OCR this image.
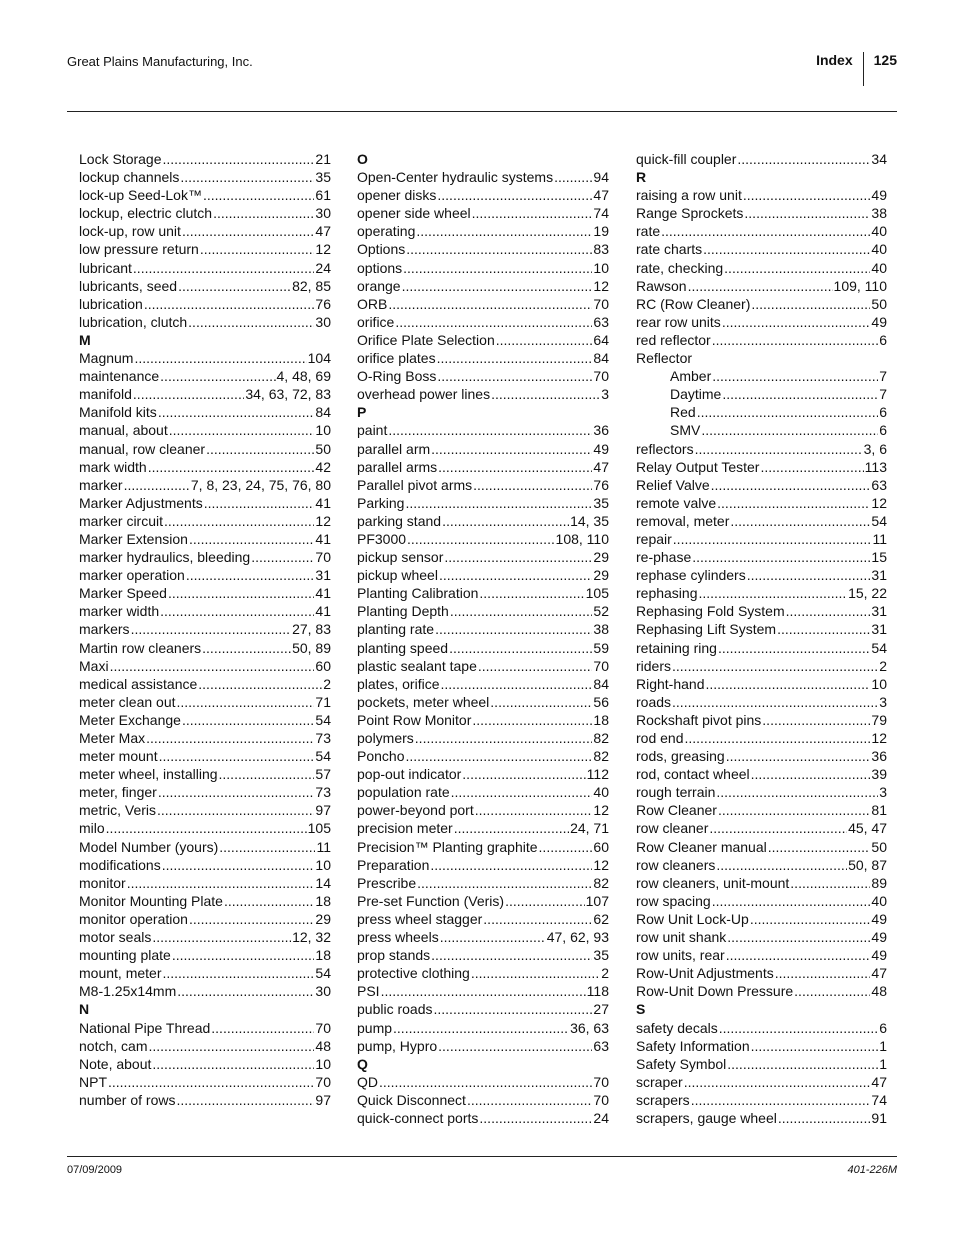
Great Plains Manufacturing, Inc.	Index 125
Lock Storage .....	21
lockup channels .....	35
lock-up Seed-Lok™ .....	61
lockup, electric clutch .....	30
lock-up, row unit .....	47
low pressure return .....	12
lubricant .....	24
lubricants, seed .....	82, 85
lubrication .....	76
lubrication, clutch .....	30
M
Magnum .....	104
maintenance .....	4, 48, 69
manifold .....	34, 63, 72, 83
Manifold kits .....	84
manual, about .....	10
manual, row cleaner .....	50
mark width .....	42
marker .....	7, 8, 23, 24, 75, 76, 80
Marker Adjustments .....	41
marker circuit .....	12
Marker Extension .....	41
marker hydraulics, bleeding .....	70
marker operation .....	31
Marker Speed .....	41
marker width .....	41
markers .....	27, 83
Martin row cleaners .....	50, 89
Maxi .....	60
medical assistance .....	2
meter clean out .....	71
Meter Exchange .....	54
Meter Max .....	73
meter mount .....	54
meter wheel, installing .....	57
meter, finger .....	73
metric, Veris .....	97
milo .....	105
Model Number (yours) .....	11
modifications .....	10
monitor .....	14
Monitor Mounting Plate .....	18
monitor operation .....	29
motor seals .....	12, 32
mounting plate .....	18
mount, meter .....	54
M8-1.25x14mm .....	30
N
National Pipe Thread .....	70
notch, cam .....	48
Note, about .....	10
NPT .....	70
number of rows .....	97
O
Open-Center hydraulic systems .....	94
opener disks .....	47
opener side wheel .....	74
operating .....	19
Options .....	83
options .....	10
orange .....	12
ORB .....	70
orifice .....	63
Orifice Plate Selection .....	64
orifice plates .....	84
O-Ring Boss .....	70
overhead power lines .....	3
P
paint .....	36
parallel arm .....	49
parallel arms .....	47
Parallel pivot arms .....	76
Parking .....	35
parking stand .....	14, 35
PF3000 .....	108, 110
pickup sensor .....	29
pickup wheel .....	29
Planting Calibration .....	105
Planting Depth .....	52
planting rate .....	38
planting speed .....	59
plastic sealant tape .....	70
plates, orifice .....	84
pockets, meter wheel .....	56
Point Row Monitor .....	18
polymers .....	82
Poncho .....	82
pop-out indicator .....	112
population rate .....	40
power-beyond port .....	12
precision meter .....	24, 71
Precision™ Planting graphite .....	60
Preparation .....	12
Prescribe .....	82
Pre-set Function (Veris) .....	107
press wheel stagger .....	62
press wheels .....	47, 62, 93
prop stands .....	35
protective clothing .....	2
PSI .....	118
public roads .....	27
pump .....	36, 63
pump, Hypro .....	63
Q
QD .....	70
Quick Disconnect .....	70
quick-connect ports .....	24
quick-fill coupler .....	34
R
raising a row unit .....	49
Range Sprockets .....	38
rate .....	40
rate charts .....	40
rate, checking .....	40
Rawson .....	109, 110
RC (Row Cleaner) .....	50
rear row units .....	49
red reflector .....	6
Reflector
Amber .....	7
Daytime .....	7
Red .....	6
SMV .....	6
reflectors .....	3, 6
Relay Output Tester .....	113
Relief Valve .....	63
remote valve .....	12
removal, meter .....	54
repair .....	11
re-phase .....	15
rephase cylinders .....	31
rephasing .....	15, 22
Rephasing Fold System .....	31
Rephasing Lift System .....	31
retaining ring .....	54
riders .....	2
Right-hand .....	10
roads .....	3
Rockshaft pivot pins .....	79
rod end .....	12
rods, greasing .....	36
rod, contact wheel .....	39
rough terrain .....	3
Row Cleaner .....	81
row cleaner .....	45, 47
Row Cleaner manual .....	50
row cleaners .....	50, 87
row cleaners, unit-mount .....	89
row spacing .....	40
Row Unit Lock-Up .....	49
row unit shank .....	49
row units, rear .....	49
Row-Unit Adjustments .....	47
Row-Unit Down Pressure .....	48
S
safety decals .....	6
Safety Information .....	1
Safety Symbol .....	1
scraper .....	47
scrapers .....	74
scrapers, gauge wheel .....	91
07/09/2009	401-226M
